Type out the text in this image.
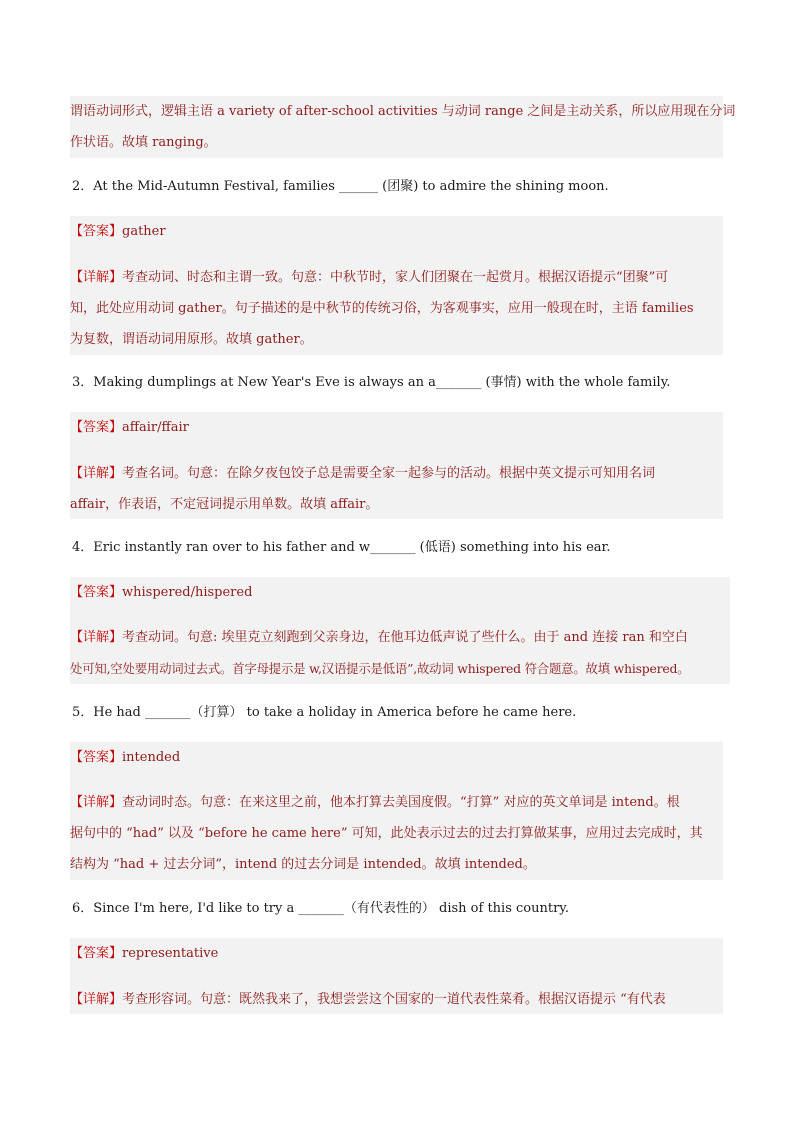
谓语动词形式，逻辑主语 a variety of after-school activities 与动词 range 之间是主动关系，所以应用现在分词
作状语。故填 ranging。

2．At the Mid-Autumn Festival, families ______ (团聚) to admire the shining moon.

【答案】gather
【详解】考查动词、时态和主谓一致。句意：中秋节时，家人们团聚在一起赏月。根据汉语提示“团聚”可
知，此处应用动词 gather。句子描述的是中秋节的传统习俗，为客观事实，应用一般现在时，主语 families
为复数，谓语动词用原形。故填 gather。

3．Making dumplings at New Year's Eve is always an a_______ (事情) with the whole family.

【答案】affair/ffair
【详解】考查名词。句意：在除夕夜包饺子总是需要全家一起参与的活动。根据中英文提示可知用名词
affair，作表语，不定冠词提示用单数。故填 affair。

4．Eric instantly ran over to his father and w_______ (低语) something into his ear.

【答案】whispered/hispered
【详解】考查动词。句意: 埃里克立刻跑到父亲身边，在他耳边低声说了些什么。由于 and 连接 ran 和空白
处可知,空处要用动词过去式。首字母提示是 w,汉语提示是低语”,故动词 whispered 符合题意。故填 whispered。

5．He had _______（打算） to take a holiday in America before he came here.

【答案】intended
【详解】查动词时态。句意：在来这里之前，他本打算去美国度假。“打算” 对应的英文单词是 intend。根
据句中的 “had” 以及 “before he came here” 可知，此处表示过去的过去打算做某事，应用过去完成时，其
结构为 “had + 过去分词”，intend 的过去分词是 intended。故填 intended。

6．Since I'm here, I'd like to try a _______（有代表性的） dish of this country.

【答案】representative
【详解】考查形容词。句意：既然我来了，我想尝尝这个国家的一道代表性菜肴。根据汉语提示 “有代表
